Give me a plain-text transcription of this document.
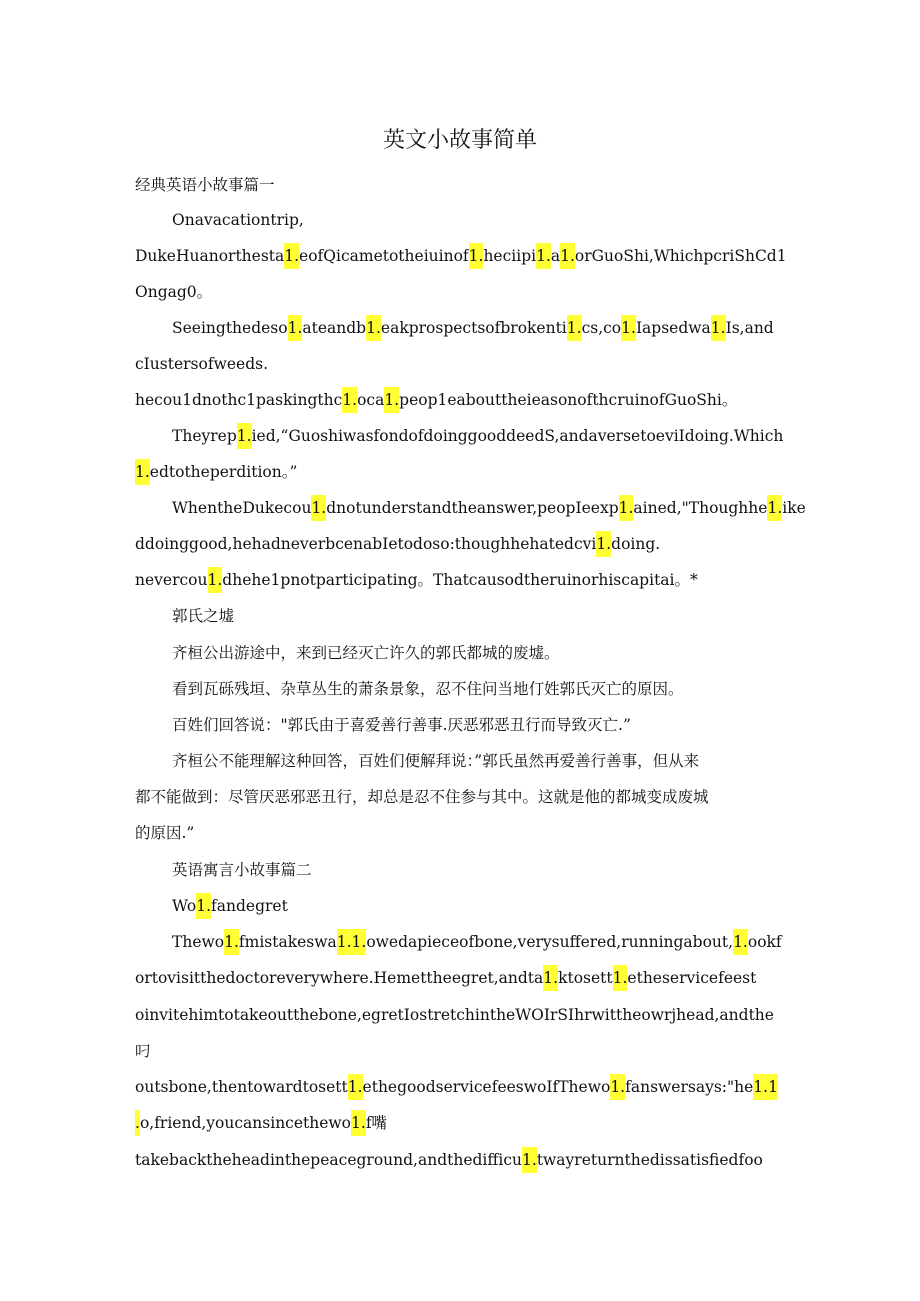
英文小故事简单

经典英语小故事篇一

Onavacationtrip,

DukeHuanorthesta1.eofQicametotheiuinof1.heciipi1.a1.orGuoShi,WhichpcriShCd1

Ongag0。

Seeingthedeso1.ateandb1.eakprospectsofbrokenti1.cs,co1.Iapsedwa1.Is,and

cIustersofweeds.

hecou1dnothc1paskingthc1.oca1.peop1eabouttheieasonofthcruinofGuoShi。

Theyrep1.ied,“GuoshiwasfondofdoinggooddeedS,andaversetoeviIdoing.Which

1.edtotheperdition。”

WhentheDukecou1.dnotunderstandtheanswer,peopIeexp1.ained,"Thoughhe1.ike

ddoinggood,hehadneverbcenabIetodoso:thoughhehatedcvi1.doing.

nevercou1.dhehe1pnotparticipating。Thatcausodtheruinorhiscapitai。*

郭氏之墟

齐桓公出游途中，来到已经灭亡许久的郭氏都城的废墟。

看到瓦砾残垣、杂草丛生的萧条景象，忍不住问当地仃姓郭氏灭亡的原因。

百姓们回答说："郭氏由于喜爱善行善事.厌恶邪恶丑行而导致灭亡.”

齐桓公不能理解这种回答，百姓们便解拜说：”郭氏虽然再爱善行善事，但从来

都不能做到：尽管厌恶邪恶丑行，却总是忍不住参与其中。这就是他的都城变成废城

的原因.”

英语寓言小故事篇二

Wo1.fandegret

Thewo1.fmistakeswa1.1.owedapieceofbone,verysuffered,runningabout,1.ookf

ortovisitthedoctoreverywhere.Hemettheegret,andta1.ktosett1.etheservicefeest

oinvitehimtotakeoutthebone,egretIostretchintheWOIrSIhrwittheowrjhead,andthe

叼

outsbone,thentowardtosett1.ethegoodservicefeeswoIfThewo1.fanswersays:"he1.1

.o,friend,youcansincethewo1.f嘴

takebacktheheadinthepeaceground,andthedifficu1.twayreturnthedissatisfiedfoo
